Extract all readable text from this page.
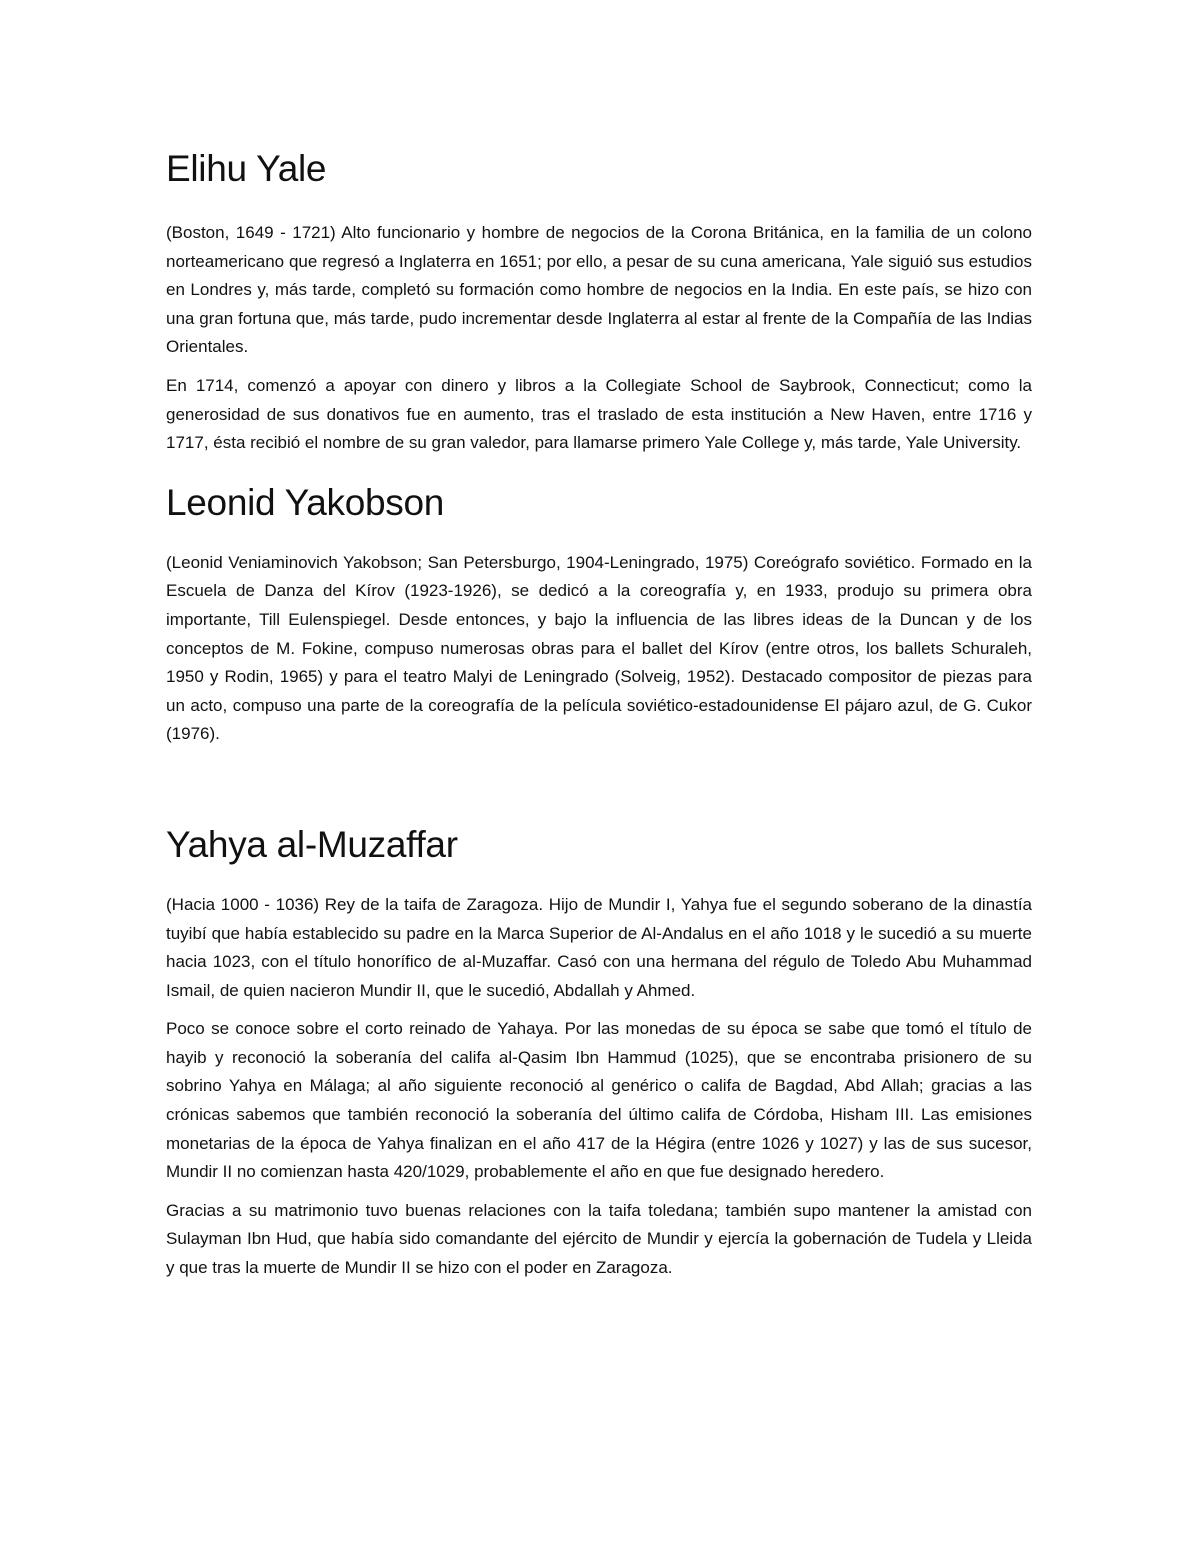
Elihu Yale

(Boston, 1649 - 1721) Alto funcionario y hombre de negocios de la Corona Británica, en la familia de un colono norteamericano que regresó a Inglaterra en 1651; por ello, a pesar de su cuna americana, Yale siguió sus estudios en Londres y, más tarde, completó su formación como hombre de negocios en la India. En este país, se hizo con una gran fortuna que, más tarde, pudo incrementar desde Inglaterra al estar al frente de la Compañía de las Indias Orientales.

En 1714, comenzó a apoyar con dinero y libros a la Collegiate School de Saybrook, Connecticut; como la generosidad de sus donativos fue en aumento, tras el traslado de esta institución a New Haven, entre 1716 y 1717, ésta recibió el nombre de su gran valedor, para llamarse primero Yale College y, más tarde, Yale University.

Leonid Yakobson

(Leonid Veniaminovich Yakobson; San Petersburgo, 1904-Leningrado, 1975) Coreógrafo soviético. Formado en la Escuela de Danza del Kírov (1923-1926), se dedicó a la coreografía y, en 1933, produjo su primera obra importante, Till Eulenspiegel. Desde entonces, y bajo la influencia de las libres ideas de la Duncan y de los conceptos de M. Fokine, compuso numerosas obras para el ballet del Kírov (entre otros, los ballets Schuraleh, 1950 y Rodin, 1965) y para el teatro Malyi de Leningrado (Solveig, 1952). Destacado compositor de piezas para un acto, compuso una parte de la coreografía de la película soviético-estadounidense El pájaro azul, de G. Cukor (1976).

Yahya al-Muzaffar

(Hacia 1000 - 1036) Rey de la taifa de Zaragoza. Hijo de Mundir I, Yahya fue el segundo soberano de la dinastía tuyibí que había establecido su padre en la Marca Superior de Al-Andalus en el año 1018 y le sucedió a su muerte hacia 1023, con el título honorífico de al-Muzaffar. Casó con una hermana del régulo de Toledo Abu Muhammad Ismail, de quien nacieron Mundir II, que le sucedió, Abdallah y Ahmed.

Poco se conoce sobre el corto reinado de Yahaya. Por las monedas de su época se sabe que tomó el título de hayib y reconoció la soberanía del califa al-Qasim Ibn Hammud (1025), que se encontraba prisionero de su sobrino Yahya en Málaga; al año siguiente reconoció al genérico o califa de Bagdad, Abd Allah; gracias a las crónicas sabemos que también reconoció la soberanía del último califa de Córdoba, Hisham III. Las emisiones monetarias de la época de Yahya finalizan en el año 417 de la Hégira (entre 1026 y 1027) y las de sus sucesor, Mundir II no comienzan hasta 420/1029, probablemente el año en que fue designado heredero.

Gracias a su matrimonio tuvo buenas relaciones con la taifa toledana; también supo mantener la amistad con Sulayman Ibn Hud, que había sido comandante del ejército de Mundir y ejercía la gobernación de Tudela y Lleida y que tras la muerte de Mundir II se hizo con el poder en Zaragoza.
